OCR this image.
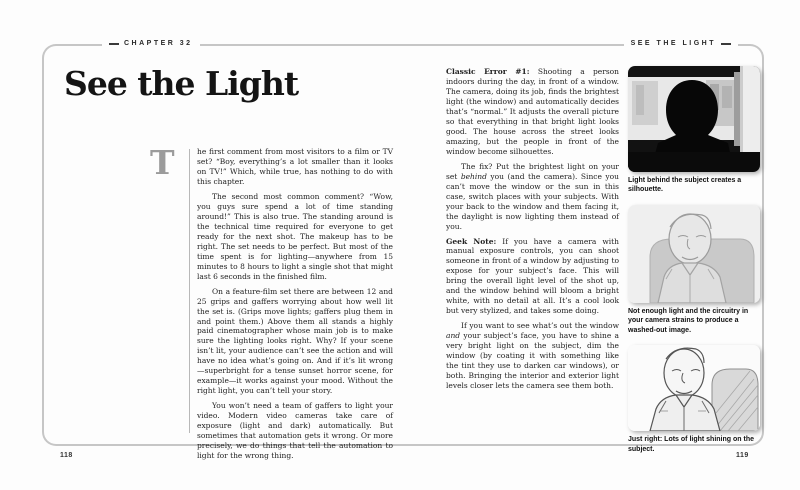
CHAPTER 32
See the Light
T	he first comment from most visitors to a film or TV set? “Boy, everything’s a lot smaller than it looks on TV!” Which, while true, has nothing to do with this chapter.

The second most common comment? “Wow, you guys sure spend a lot of time standing around!” This is also true. The standing around is the technical time required for everyone to get ready for the next shot. The makeup has to be right. The set needs to be perfect. But most of the time spent is for lighting—anywhere from 15 minutes to 8 hours to light a single shot that might last 6 seconds in the finished film.

On a feature-film set there are between 12 and 25 grips and gaffers worrying about how well lit the set is. (Grips move lights; gaffers plug them in and point them.) Above them all stands a highly paid cinematographer whose main job is to make sure the lighting looks right. Why? If your scene isn’t lit, your audience can’t see the action and will have no idea what’s going on. And if it’s lit wrong—superbright for a tense sunset horror scene, for example—it works against your mood. Without the right light, you can’t tell your story.

You won’t need a team of gaffers to light your video. Modern video cameras take care of exposure (light and dark) automatically. But sometimes that automation gets it wrong. Or more precisely, we do things that tell the automation to light for the wrong thing.

118
SEE THE LIGHT

Classic Error #1: Shooting a person indoors during the day, in front of a window. The camera, doing its job, finds the brightest light (the window) and automatically decides that’s “normal.” It adjusts the overall picture so that everything in that bright light looks good. The house across the street looks amazing, but the people in front of the window become silhouettes.

The fix? Put the brightest light on your set behind you (and the camera). Since you can’t move the window or the sun in this case, switch places with your subjects. With your back to the window and them facing it, the daylight is now lighting them instead of you.

Geek Note: If you have a camera with manual exposure controls, you can shoot someone in front of a window by adjusting to expose for your subject’s face. This will bring the overall light level of the shot up, and the window behind will bloom a bright white, with no detail at all. It’s a cool look but very stylized, and takes some doing.

If you want to see what’s out the window and your subject’s face, you have to shine a very bright light on the subject, dim the window (by coating it with something like the tint they use to darken car windows), or both. Bringing the interior and exterior light levels closer lets the camera see them both.

Light behind the subject creates a silhouette.
Not enough light and the circuitry in your camera strains to produce a washed-out image.
Just right: Lots of light shining on the subject.
119
